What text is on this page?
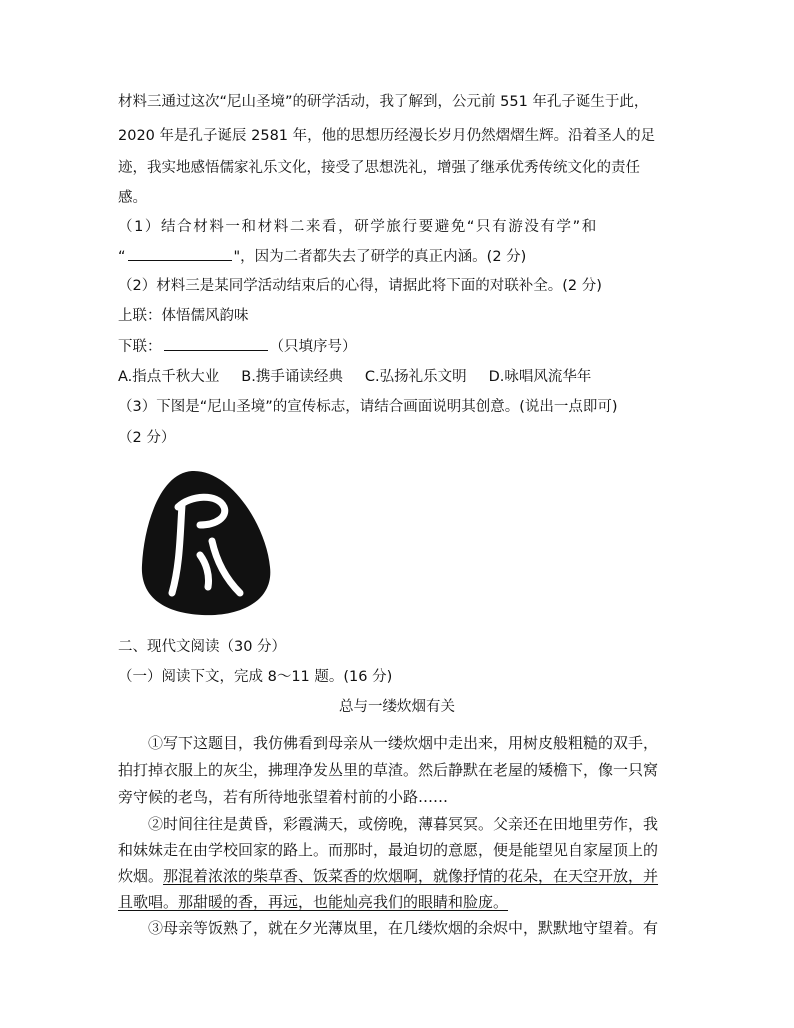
材料三通过这次“尼山圣境”的研学活动，我了解到，公元前 551 年孔子诞生于此，
2020 年是孔子诞辰 2581 年，他的思想历经漫长岁月仍然熠熠生辉。沿着圣人的足
迹，我实地感悟儒家礼乐文化，接受了思想洗礼，增强了继承优秀传统文化的责任
感。
（1）结合材料一和材料二来看，研学旅行要避免“只有游没有学”和
“	"，因为二者都失去了研学的真正内涵。(2 分)
（2）材料三是某同学活动结束后的心得，请据此将下面的对联补全。(2 分)
上联：体悟儒风韵味
下联：	（只填序号）
A.指点千秋大业 B.携手诵读经典 C.弘扬礼乐文明 D.咏唱风流华年
（3）下图是“尼山圣境”的宣传标志，请结合画面说明其创意。(说出一点即可)
（2 分）
二、现代文阅读（30 分）
（一）阅读下文，完成 8～11 题。(16 分)
总与一缕炊烟有关
①写下这题目，我仿佛看到母亲从一缕炊烟中走出来，用树皮般粗糙的双手，
拍打掉衣服上的灰尘，拂理净发丛里的草渣。然后静默在老屋的矮檐下，像一只窝
旁守候的老鸟，若有所待地张望着村前的小路……
②时间往往是黄昏，彩霞满天，或傍晚，薄暮冥冥。父亲还在田地里劳作，我
和妹妹走在由学校回家的路上。而那时，最迫切的意愿，便是能望见自家屋顶上的
炊烟。那混着浓浓的柴草香、饭菜香的炊烟啊，就像抒情的花朵，在天空开放，并
且歌唱。那甜暖的香，再远，也能灿亮我们的眼睛和脸庞。
③母亲等饭熟了，就在夕光薄岚里，在几缕炊烟的余烬中，默默地守望着。有
